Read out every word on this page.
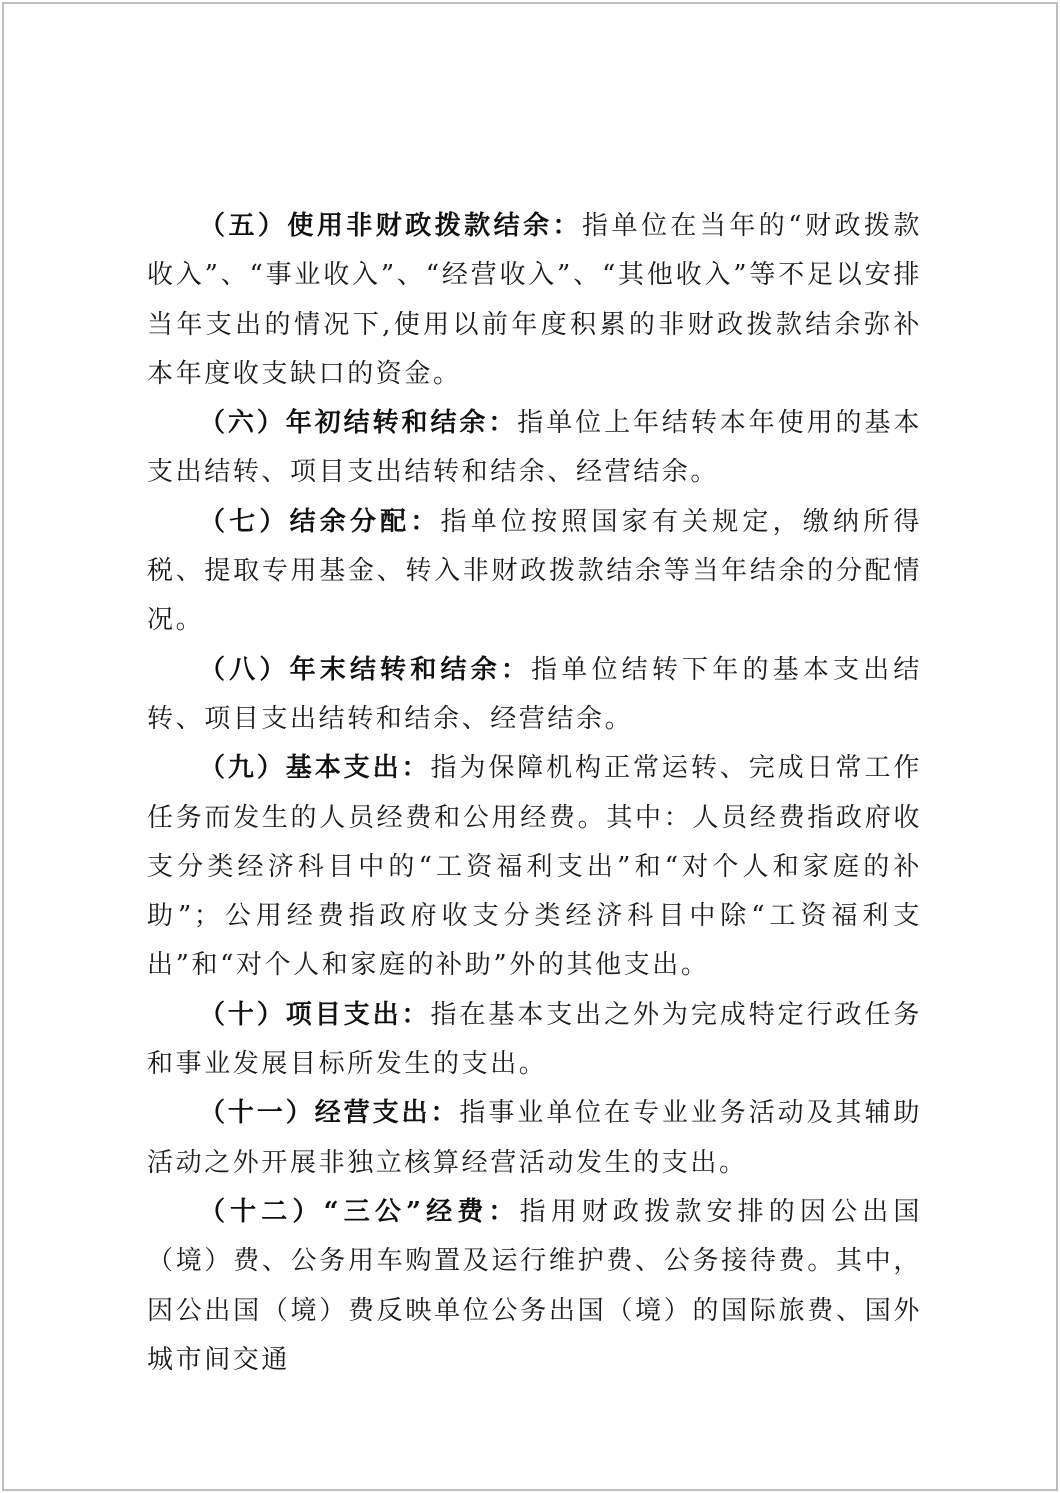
（五）使用非财政拨款结余：指单位在当年的“财政拨款收入”、“事业收入”、“经营收入”、“其他收入”等不足以安排当年支出的情况下,使用以前年度积累的非财政拨款结余弥补本年度收支缺口的资金。

（六）年初结转和结余：指单位上年结转本年使用的基本支出结转、项目支出结转和结余、经营结余。

（七）结余分配：指单位按照国家有关规定，缴纳所得税、提取专用基金、转入非财政拨款结余等当年结余的分配情况。

（八）年末结转和结余：指单位结转下年的基本支出结转、项目支出结转和结余、经营结余。

（九）基本支出：指为保障机构正常运转、完成日常工作任务而发生的人员经费和公用经费。其中：人员经费指政府收支分类经济科目中的“工资福利支出”和“对个人和家庭的补助”；公用经费指政府收支分类经济科目中除“工资福利支出”和“对个人和家庭的补助”外的其他支出。

（十）项目支出：指在基本支出之外为完成特定行政任务和事业发展目标所发生的支出。

（十一）经营支出：指事业单位在专业业务活动及其辅助活动之外开展非独立核算经营活动发生的支出。

（十二）“三公”经费：指用财政拨款安排的因公出国（境）费、公务用车购置及运行维护费、公务接待费。其中，因公出国（境）费反映单位公务出国（境）的国际旅费、国外城市间交通
